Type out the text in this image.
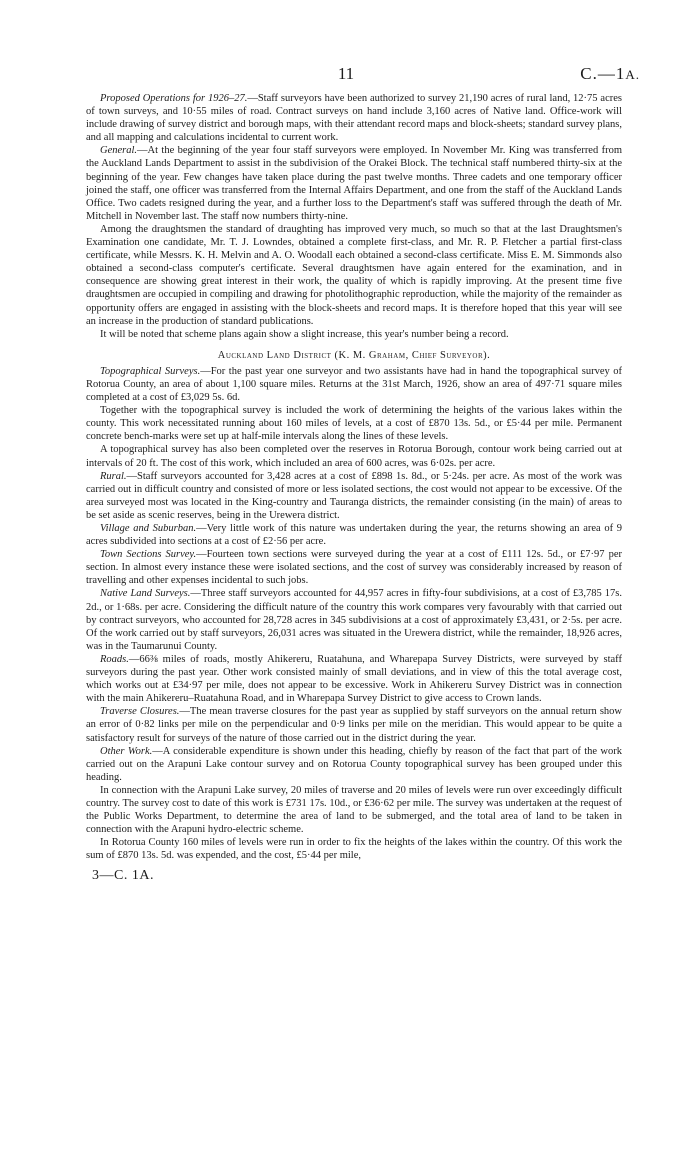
11	C.—1A.

Proposed Operations for 1926–27.—Staff surveyors have been authorized to survey 21,190 acres of rural land, 12·75 acres of town surveys, and 10·55 miles of road. Contract surveys on hand include 3,160 acres of Native land. Office-work will include drawing of survey district and borough maps, with their attendant record maps and block-sheets; standard survey plans, and all mapping and calculations incidental to current work.

General.—At the beginning of the year four staff surveyors were employed. In November Mr. King was transferred from the Auckland Lands Department to assist in the subdivision of the Orakei Block. The technical staff numbered thirty-six at the beginning of the year. Few changes have taken place during the past twelve months. Three cadets and one temporary officer joined the staff, one officer was transferred from the Internal Affairs Department, and one from the staff of the Auckland Lands Office. Two cadets resigned during the year, and a further loss to the Department's staff was suffered through the death of Mr. Mitchell in November last. The staff now numbers thirty-nine.

Among the draughtsmen the standard of draughting has improved very much, so much so that at the last Draughtsmen's Examination one candidate, Mr. T. J. Lowndes, obtained a complete first-class, and Mr. R. P. Fletcher a partial first-class certificate, while Messrs. K. H. Melvin and A. O. Woodall each obtained a second-class certificate. Miss E. M. Simmonds also obtained a second-class computer's certificate. Several draughtsmen have again entered for the examination, and in consequence are showing great interest in their work, the quality of which is rapidly improving. At the present time five draughtsmen are occupied in compiling and drawing for photolithographic reproduction, while the majority of the remainder as opportunity offers are engaged in assisting with the block-sheets and record maps. It is therefore hoped that this year will see an increase in the production of standard publications.

It will be noted that scheme plans again show a slight increase, this year's number being a record.

Auckland Land District (K. M. Graham, Chief Surveyor).

Topographical Surveys.—For the past year one surveyor and two assistants have had in hand the topographical survey of Rotorua County, an area of about 1,100 square miles. Returns at the 31st March, 1926, show an area of 497·71 square miles completed at a cost of £3,029 5s. 6d.

Together with the topographical survey is included the work of determining the heights of the various lakes within the county. This work necessitated running about 160 miles of levels, at a cost of £870 13s. 5d., or £5·44 per mile. Permanent concrete bench-marks were set up at half-mile intervals along the lines of these levels.

A topographical survey has also been completed over the reserves in Rotorua Borough, contour work being carried out at intervals of 20 ft. The cost of this work, which included an area of 600 acres, was 6·02s. per acre.

Rural.—Staff surveyors accounted for 3,428 acres at a cost of £898 1s. 8d., or 5·24s. per acre. As most of the work was carried out in difficult country and consisted of more or less isolated sections, the cost would not appear to be excessive. Of the area surveyed most was located in the King-country and Tauranga districts, the remainder consisting (in the main) of areas to be set aside as scenic reserves, being in the Urewera district.

Village and Suburban.—Very little work of this nature was undertaken during the year, the returns showing an area of 9 acres subdivided into sections at a cost of £2·56 per acre.

Town Sections Survey.—Fourteen town sections were surveyed during the year at a cost of £111 12s. 5d., or £7·97 per section. In almost every instance these were isolated sections, and the cost of survey was considerably increased by reason of travelling and other expenses incidental to such jobs.

Native Land Surveys.—Three staff surveyors accounted for 44,957 acres in fifty-four subdivisions, at a cost of £3,785 17s. 2d., or 1·68s. per acre. Considering the difficult nature of the country this work compares very favourably with that carried out by contract surveyors, who accounted for 28,728 acres in 345 subdivisions at a cost of approximately £3,431, or 2·5s. per acre. Of the work carried out by staff surveyors, 26,031 acres was situated in the Urewera district, while the remainder, 18,926 acres, was in the Taumarunui County.

Roads.—66⅜ miles of roads, mostly Ahikereru, Ruatahuna, and Wharepapa Survey Districts, were surveyed by staff surveyors during the past year. Other work consisted mainly of small deviations, and in view of this the total average cost, which works out at £34·97 per mile, does not appear to be excessive. Work in Ahikereru Survey District was in connection with the main Ahikereru–Ruatahuna Road, and in Wharepapa Survey District to give access to Crown lands.

Traverse Closures.—The mean traverse closures for the past year as supplied by staff surveyors on the annual return show an error of 0·82 links per mile on the perpendicular and 0·9 links per mile on the meridian. This would appear to be quite a satisfactory result for surveys of the nature of those carried out in the district during the year.

Other Work.—A considerable expenditure is shown under this heading, chiefly by reason of the fact that part of the work carried out on the Arapuni Lake contour survey and on Rotorua County topographical survey has been grouped under this heading.

In connection with the Arapuni Lake survey, 20 miles of traverse and 20 miles of levels were run over exceedingly difficult country. The survey cost to date of this work is £731 17s. 10d., or £36·62 per mile. The survey was undertaken at the request of the Public Works Department, to determine the area of land to be submerged, and the total area of land to be taken in connection with the Arapuni hydro-electric scheme.

In Rotorua County 160 miles of levels were run in order to fix the heights of the lakes within the country. Of this work the sum of £870 13s. 5d. was expended, and the cost, £5·44 per mile,

3—C. 1A.
